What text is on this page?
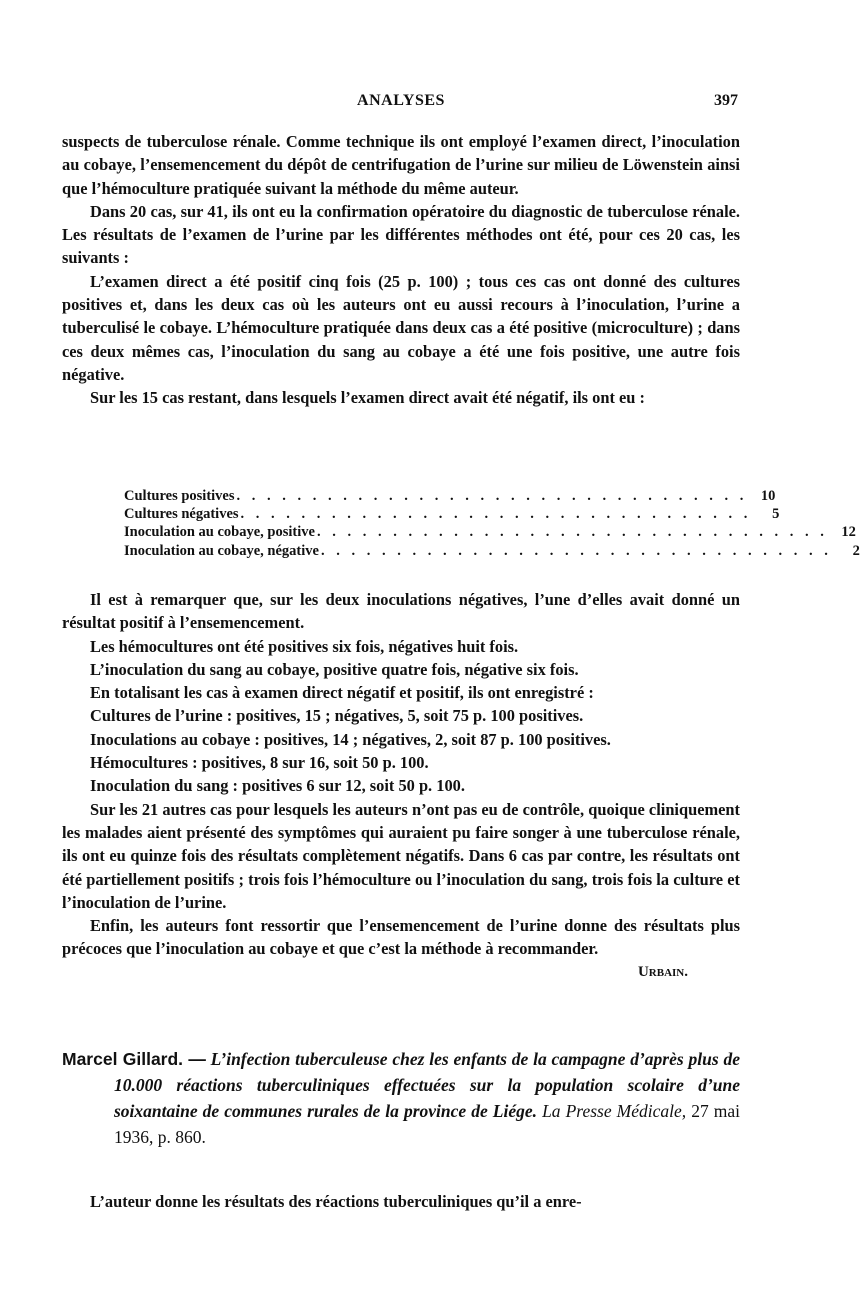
ANALYSES	397

suspects de tuberculose rénale. Comme technique ils ont employé l’examen direct, l’inoculation au cobaye, l’ensemencement du dépôt de centrifugation de l’urine sur milieu de Löwenstein ainsi que l’hémoculture pratiquée suivant la méthode du même auteur.

Dans 20 cas, sur 41, ils ont eu la confirmation opératoire du diagnostic de tuberculose rénale. Les résultats de l’examen de l’urine par les différentes méthodes ont été, pour ces 20 cas, les suivants :

L’examen direct a été positif cinq fois (25 p. 100) ; tous ces cas ont donné des cultures positives et, dans les deux cas où les auteurs ont eu aussi recours à l’inoculation, l’urine a tuberculisé le cobaye. L’hémoculture pratiquée dans deux cas a été positive (microculture) ; dans ces deux mêmes cas, l’inoculation du sang au cobaye a été une fois positive, une autre fois négative.

Sur les 15 cas restant, dans lesquels l’examen direct avait été négatif, ils ont eu :

Cultures positives . . . . . . . . . . . . . . . . . . . . . . . . . . . . . . . . . . 10
Cultures négatives . . . . . . . . . . . . . . . . . . . . . . . . . . . . . . . . . .	5
Inoculation au cobaye, positive . . . . . . . . . . . . . . . . . . . . . . . . . . . . . . . . . . 12
Inoculation au cobaye, négative . . . . . . . . . . . . . . . . . . . . . . . . . . . . . . . . . .	2

Il est à remarquer que, sur les deux inoculations négatives, l’une d’elles avait donné un résultat positif à l’ensemencement.

Les hémocultures ont été positives six fois, négatives huit fois.

L’inoculation du sang au cobaye, positive quatre fois, négative six fois.

En totalisant les cas à examen direct négatif et positif, ils ont enregistré :

Cultures de l’urine : positives, 15 ; négatives, 5, soit 75 p. 100 positives.

Inoculations au cobaye : positives, 14 ; négatives, 2, soit 87 p. 100 positives.

Hémocultures : positives, 8 sur 16, soit 50 p. 100.

Inoculation du sang : positives 6 sur 12, soit 50 p. 100.

Sur les 21 autres cas pour lesquels les auteurs n’ont pas eu de contrôle, quoique cliniquement les malades aient présenté des symptômes qui auraient pu faire songer à une tuberculose rénale, ils ont eu quinze fois des résultats complètement négatifs. Dans 6 cas par contre, les résultats ont été partiellement positifs ; trois fois l’hémoculture ou l’inoculation du sang, trois fois la culture et l’inoculation de l’urine.

Enfin, les auteurs font ressortir que l’ensemencement de l’urine donne des résultats plus précoces que l’inoculation au cobaye et que c’est la méthode à recommander.

Urbain.

Marcel Gillard. — L’infection tuberculeuse chez les enfants de la campagne d’après plus de 10.000 réactions tuberculiniques effectuées sur la population scolaire d’une soixantaine de communes rurales de la province de Liége. La Presse Médicale, 27 mai 1936, p. 860.

L’auteur donne les résultats des réactions tuberculiniques qu’il a enre-
